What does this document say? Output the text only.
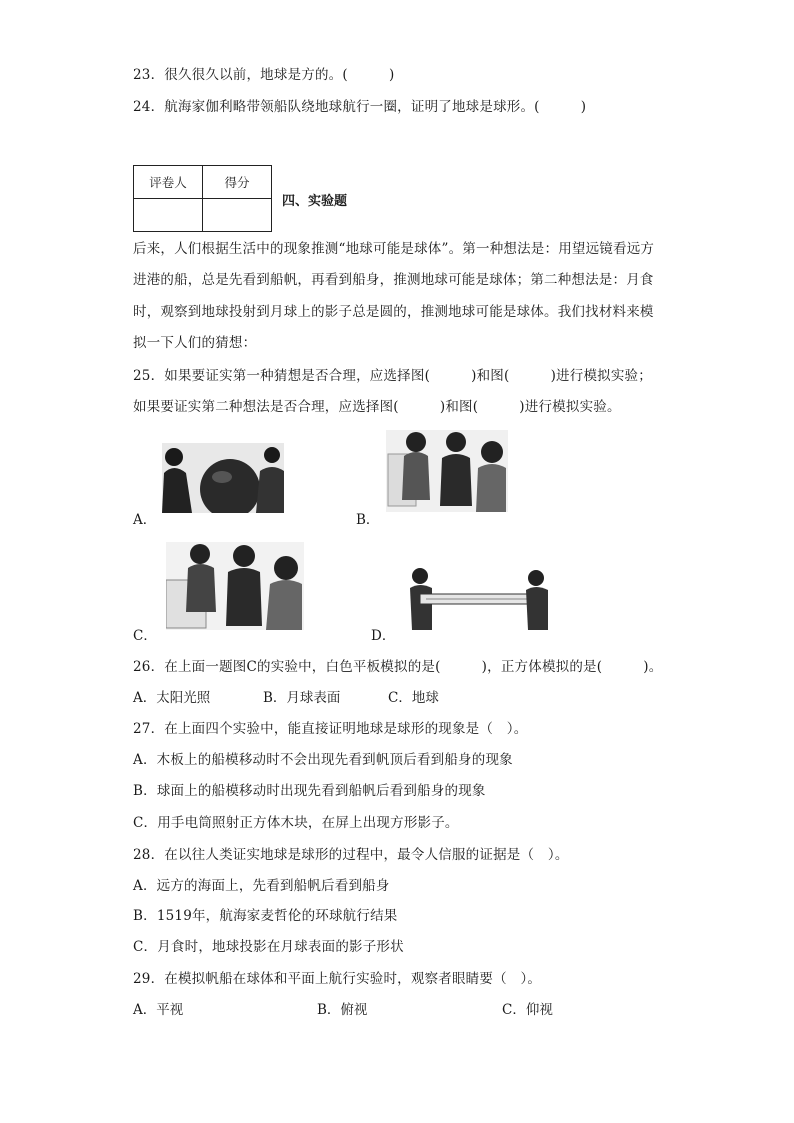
23．很久很久以前，地球是方的。(　　　)
24．航海家伽利略带领船队绕地球航行一圈，证明了地球是球形。(　　　)
评卷人	得分

四、实验题
后来，人们根据生活中的现象推测“地球可能是球体”。第一种想法是：用望远镜看远方
进港的船，总是先看到船帆，再看到船身，推测地球可能是球体；第二种想法是：月食
时，观察到地球投射到月球上的影子总是圆的，推测地球可能是球体。我们找材料来模
拟一下人们的猜想：
25．如果要证实第一种猜想是否合理，应选择图(　　　)和图(　　　)进行模拟实验；
如果要证实第二种想法是否合理，应选择图(　　　)和图(　　　)进行模拟实验。
A．	B．
C．	D．
26．在上面一题图C的实验中，白色平板模拟的是(　　　)，正方体模拟的是(　　　)。
A．太阳光照	B．月球表面	C．地球
27．在上面四个实验中，能直接证明地球是球形的现象是（　）。
A．木板上的船模移动时不会出现先看到帆顶后看到船身的现象
B．球面上的船模移动时出现先看到船帆后看到船身的现象
C．用手电筒照射正方体木块，在屏上出现方形影子。
28．在以往人类证实地球是球形的过程中，最令人信服的证据是（　）。
A．远方的海面上，先看到船帆后看到船身
B．1519年，航海家麦哲伦的环球航行结果
C．月食时，地球投影在月球表面的影子形状
29．在模拟帆船在球体和平面上航行实验时，观察者眼睛要（　）。
A．平视	B．俯视	C．仰视
